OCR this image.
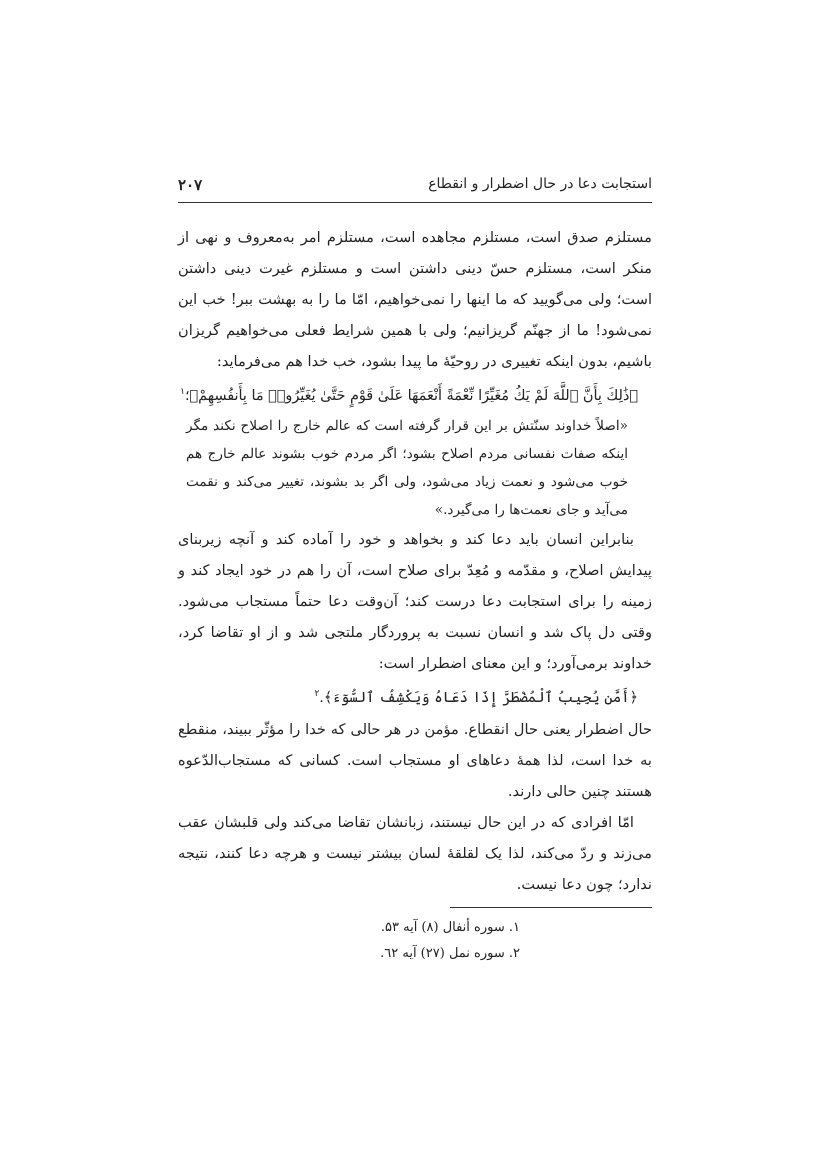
استجابت دعا در حال اضطرار و انقطاع
۲۰۷

مستلزم صدق است، مستلزم مجاهده است، مستلزم امر به‌معروف و نهی از منکر است، مستلزم حسّ دینی داشتن است و مستلزم غیرت دینی داشتن است؛ ولی می‌گویید که ما اینها را نمی‌خواهیم، امّا ما را به بهشت ببر! خب این نمی‌شود! ما از جهنّم گریزانیم؛ ولی با همین شرایط فعلی می‌خواهیم گریزان باشیم، بدون اینکه تغییری در روحیّهٔ ما پیدا بشود، خب خدا هم می‌فرماید:

﴿ذَٰلِكَ بِأَنَّ ٱللَّهَ لَمْ يَكُ مُغَيِّرًا نِّعْمَةً أَنْعَمَهَا عَلَىٰ قَوْمٍ حَتَّىٰ يُغَيِّرُوا۟ مَا بِأَنفُسِهِمْ﴾؛$^۱$

«اصلاً خداوند سنّتش بر این قرار گرفته است که عالم خارج را اصلاح نکند مگر اینکه صفات نفسانی مردم اصلاح بشود؛ اگر مردم خوب بشوند عالم خارج هم خوب می‌شود و نعمت زیاد می‌شود، ولی اگر بد بشوند، تغییر می‌کند و نقمت می‌آید و جای نعمت‌ها را می‌گیرد.»

بنابراین انسان باید دعا کند و بخواهد و خود را آماده کند و آنچه زیربنای پیدایش اصلاح، و مقدّمه و مُعِدّ برای صلاح است، آن را هم در خود ایجاد کند و زمینه را برای استجابت دعا درست کند؛ آن‌وقت دعا حتماً مستجاب می‌شود. وقتی دل پاک شد و انسان نسبت به پروردگار ملتجی شد و از او تقاضا کرد، خداوند برمی‌آورد؛ و این معنای اضطرار است:

﴿أَمَّن يُجِيبُ ٱلْمُضْطَرَّ إِذَا دَعَاهُ وَيَكْشِفُ ٱلسُّوٓءَ﴾.$^۲$

حال اضطرار یعنی حال انقطاع. مؤمن در هر حالی که خدا را مؤثّر ببیند، منقطع به خدا است، لذا همهٔ دعاهای او مستجاب است. کسانی که مستجاب‌الدّعوه هستند چنین حالی دارند.

امّا افرادی که در این حال نیستند، زبانشان تقاضا می‌کند ولی قلبشان عقب می‌زند و ردّ می‌کند، لذا یک لقلقهٔ لسان بیشتر نیست و هرچه دعا کنند، نتیجه ندارد؛ چون دعا نیست.

۱. سوره أنفال (۸) آیه ۵۳.
۲. سوره نمل (۲۷) آیه ٦۲.
